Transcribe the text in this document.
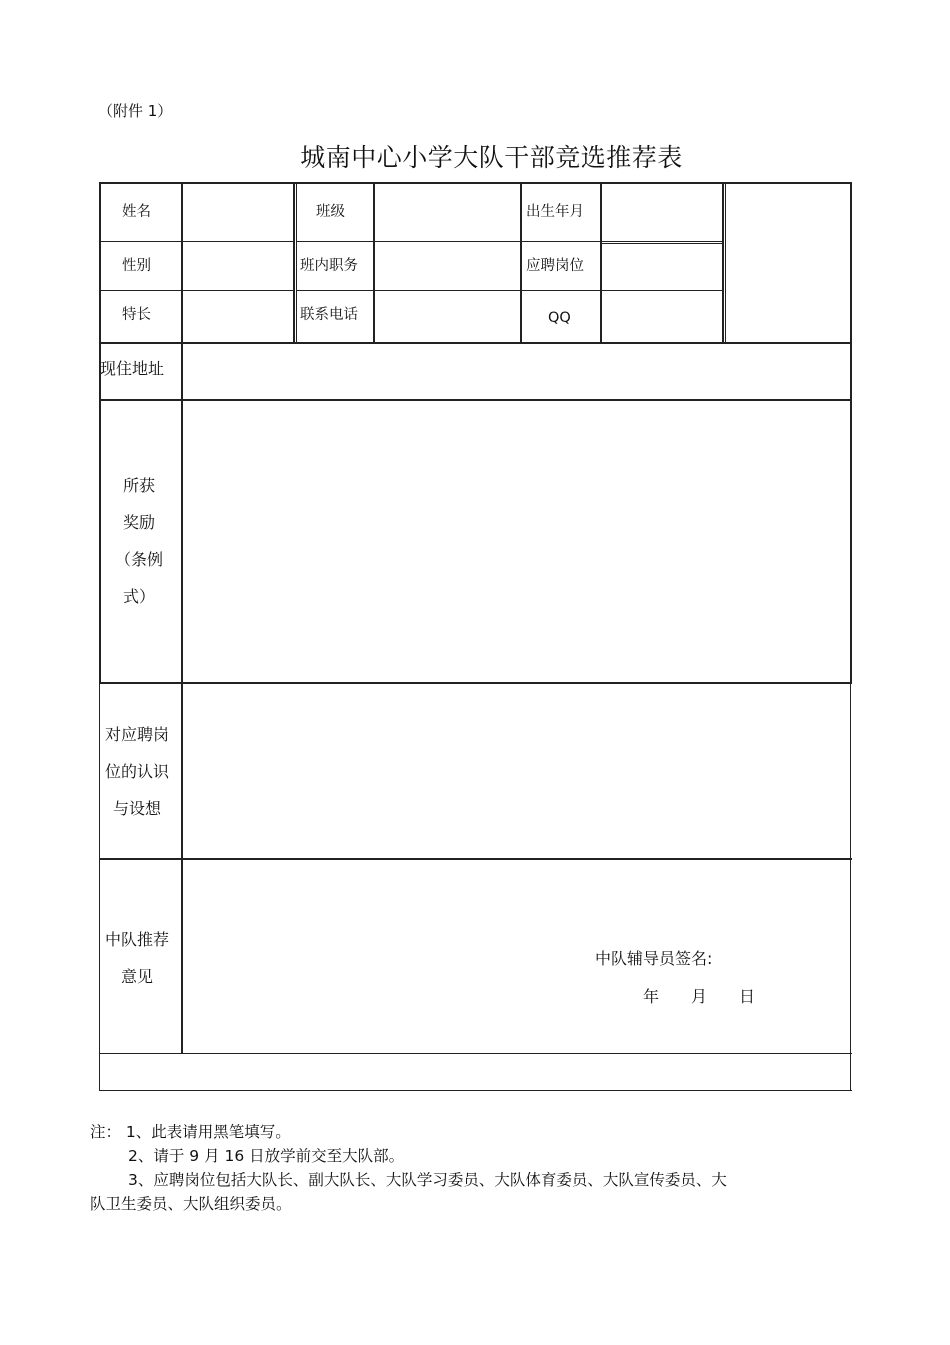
（附件 1）
城南中心小学大队干部竞选推荐表
姓名	班级	出生年月
性别	班内职务	应聘岗位
特长	联系电话	QQ
现住地址
所获
奖励
（条例
式）
对应聘岗
位的认识
与设想
中队推荐
意见
中队辅导员签名:
年 月 日
注： 1、此表请用黑笔填写。
2、请于 9 月 16 日放学前交至大队部。
3、应聘岗位包括大队长、副大队长、大队学习委员、大队体育委员、大队宣传委员、大
队卫生委员、大队组织委员。
